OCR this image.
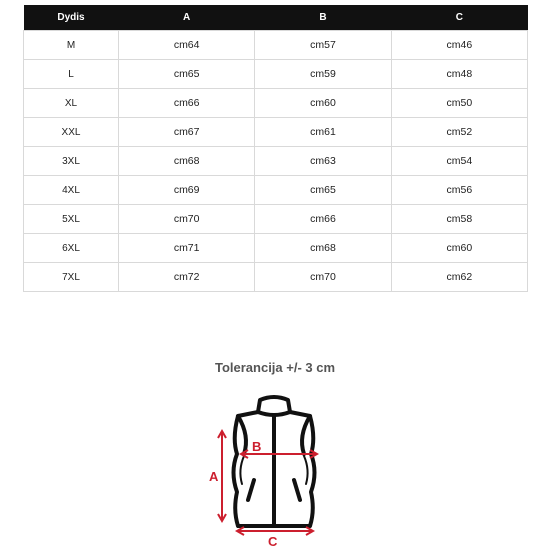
Dydis	A	B	C
M	cm64	cm57	cm46
L	cm65	cm59	cm48
XL	cm66	cm60	cm50
XXL	cm67	cm61	cm52
3XL	cm68	cm63	cm54
4XL	cm69	cm65	cm56
5XL	cm70	cm66	cm58
6XL	cm71	cm68	cm60
7XL	cm72	cm70	cm62
Tolerancija +/- 3 cm
A
B
C
